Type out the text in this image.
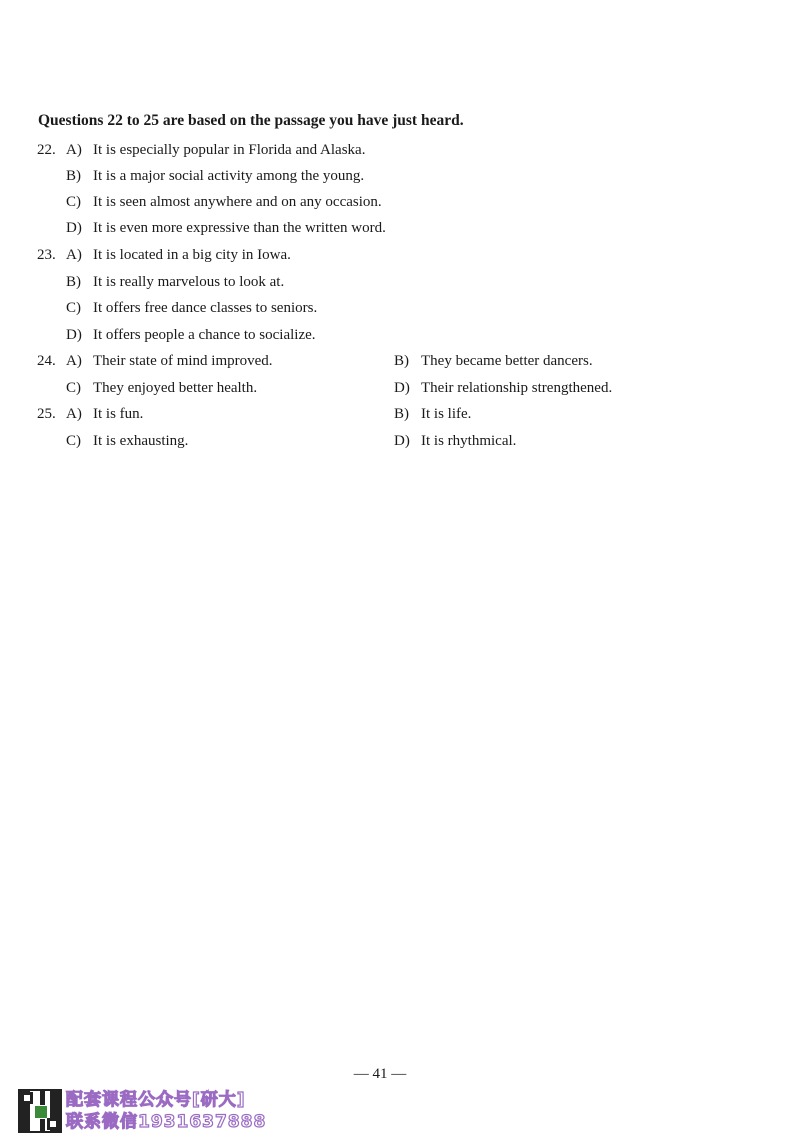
Questions 22 to 25 are based on the passage you have just heard.
22. A) It is especially popular in Florida and Alaska.
B) It is a major social activity among the young.
C) It is seen almost anywhere and on any occasion.
D) It is even more expressive than the written word.
23. A) It is located in a big city in Iowa.
B) It is really marvelous to look at.
C) It offers free dance classes to seniors.
D) It offers people a chance to socialize.
24. A) Their state of mind improved.	B) They became better dancers.
C) They enjoyed better health.	D) Their relationship strengthened.
25. A) It is fun.	B) It is life.
C) It is exhausting.	D) It is rhythmical.
— 41 —
配套课程公众号[研大]
联系微信1931637888
